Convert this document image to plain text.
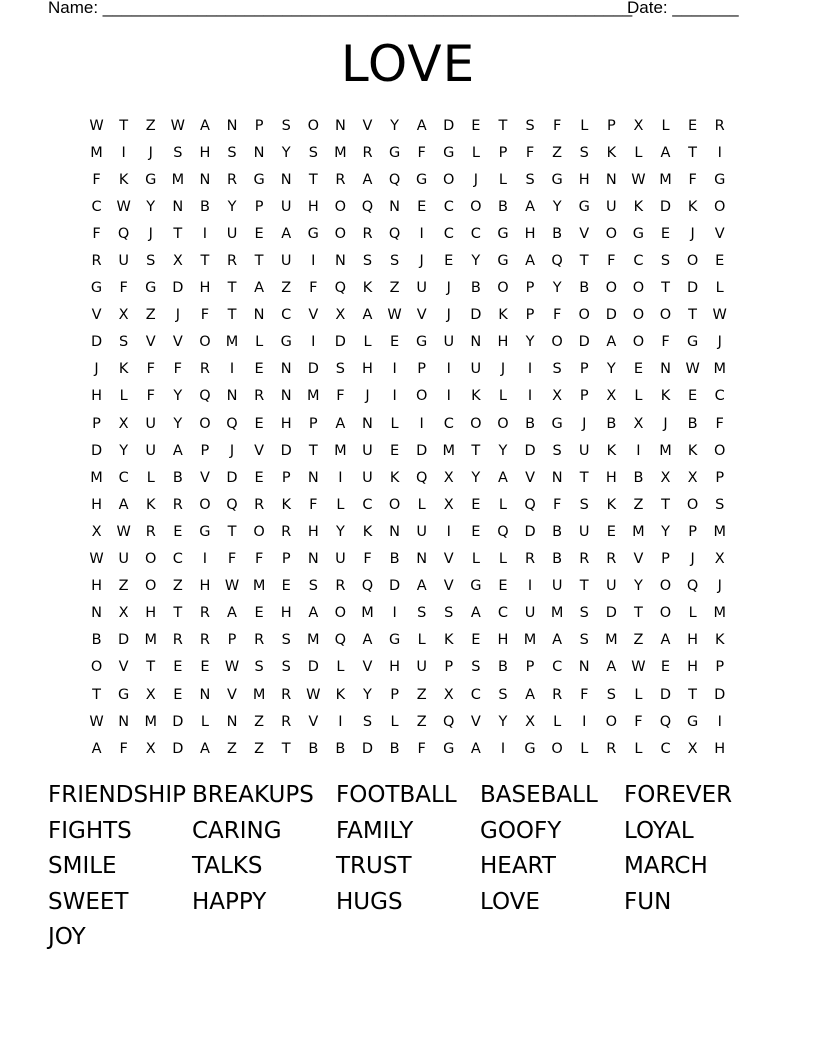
Name: ________________________________________________________
Date: _______
LOVE
W	T	Z	W	A	N	P	S	O	N	V	Y	A	D	E	T	S	F	L	P	X	L	E	R
M	I	J	S	H	S	N	Y	S	M	R	G	F	G	L	P	F	Z	S	K	L	A	T	I
F	K	G	M	N	R	G	N	T	R	A	Q	G	O	J	L	S	G	H	N	W M	F	G
C	W	Y	N	B	Y	P	U	H	O	Q	N	E	C	O	B	A	Y	G	U	K	D	K	O
F	Q	J	T	I	U	E	A	G	O	R	Q	I	C	C	G	H	B	V	O	G	E	J	V
R	U	S	X	T	R	T	U	I	N	S	S	J	E	Y	G	A	Q	T	F	C	S	O	E
G	F	G	D	H	T	A	Z	F	Q	K	Z	U	J	B	O	P	Y	B	O	O	T	D	L
V	X	Z	J	F	T	N	C	V	X	A	W	V	J	D	K	P	F	O	D	O	O	T	W
D	S	V	V	O	M	L	G	I	D	L	E	G	U	N	H	Y	O	D	A	O	F	G	J
J	K	F	F	R	I	E	N	D	S	H	I	P	I	U	J	I	S	P	Y	E	N	W M
H	L	F	Y	Q	N	R	N	M	F	J	I	O	I	K	L	I	X	P	X	L	K	E	C
P	X	U	Y	O	Q	E	H	P	A	N	L	I	C	O	O	B	G	J	B	X	J	B	F
D	Y	U	A	P	J	V	D	T	M	U	E	D	M	T	Y	D	S	U	K	I	M	K	O
M	C	L	B	V	D	E	P	N	I	U	K	Q	X	Y	A	V	N	T	H	B	X	X	P
H	A	K	R	O	Q	R	K	F	L	C	O	L	X	E	L	Q	F	S	K	Z	T	O	S
X	W	R	E	G	T	O	R	H	Y	K	N	U	I	E	Q	D	B	U	E	M	Y	P	M
W	U	O	C	I	F	F	P	N	U	F	B	N	V	L	L	R	B	R	R	V	P	J	X
H	Z	O	Z	H W M	E	S	R	Q	D	A	V	G	E	I	U	T	U	Y	O	Q	J
N	X	H	T	R	A	E	H	A	O	M	I	S	S	A	C	U	M	S	D	T	O	L	M
B	D	M	R	R	P	R	S	M	Q	A	G	L	K	E	H	M	A	S	M	Z	A	H	K
O	V	T	E	E	W	S	S	D	L	V	H	U	P	S	B	P	C	N	A	W	E	H	P
T	G	X	E	N	V	M	R	W	K	Y	P	Z	X	C	S	A	R	F	S	L	D	T	D
W N	M	D	L	N	Z	R	V	I	S	L	Z	Q	V	Y	X	L	I	O	F	Q	G	I
A	F	X	D	A	Z	Z	T	B	B	D	B	F	G	A	I	G	O	L	R	L	C	X	H
FRIENDSHIP BREAKUPS FOOTBALL	BASEBALL	FOREVER
FIGHTS	CARING	FAMILY	GOOFY	LOYAL
SMILE	TALKS	TRUST	HEART	MARCH
SWEET	HAPPY	HUGS	LOVE	FUN
JOY
